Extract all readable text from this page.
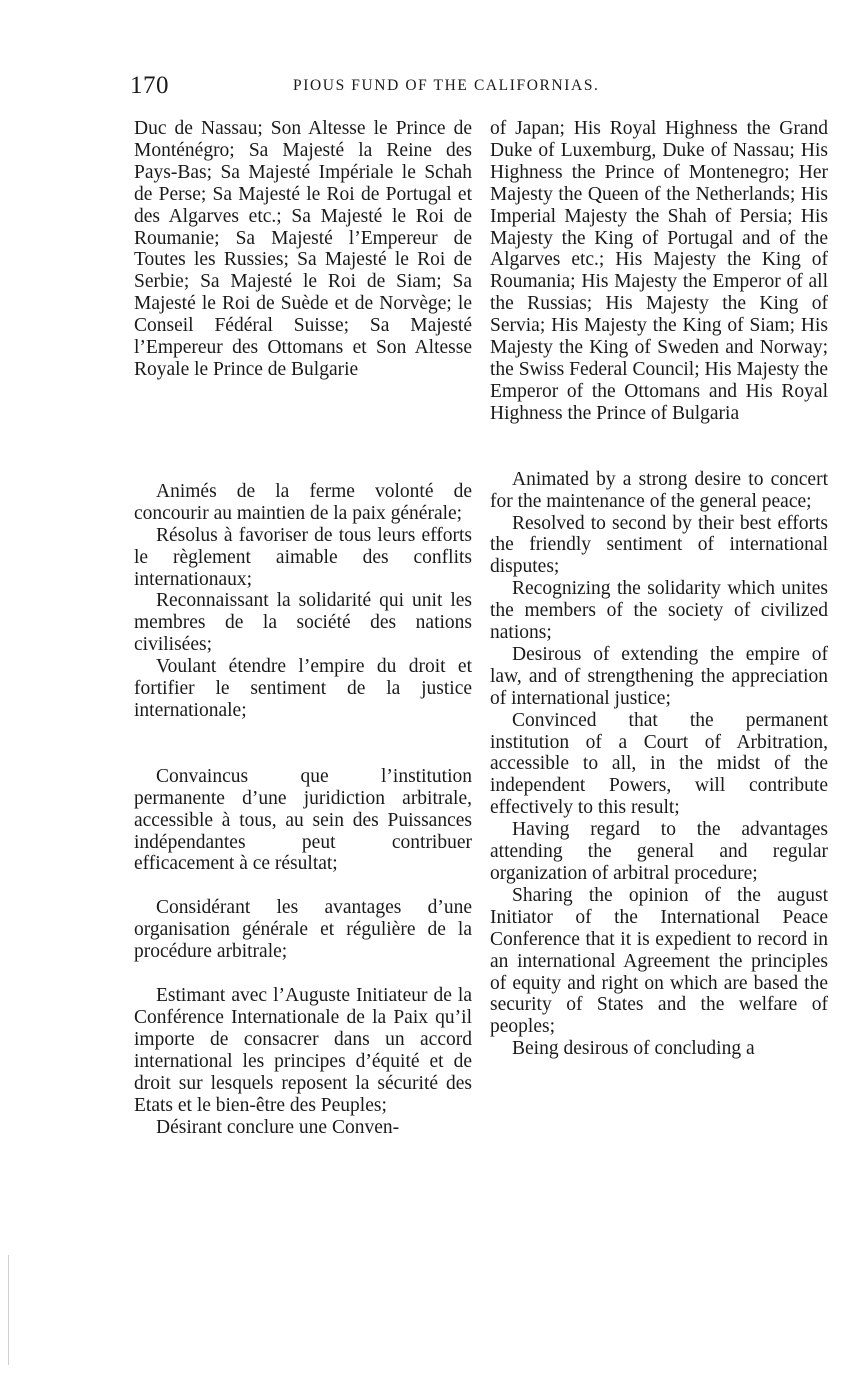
170	PIOUS FUND OF THE CALIFORNIAS.

Duc de Nassau; Son Altesse le Prince de Monténégro; Sa Majesté la Reine des Pays-Bas; Sa Majesté Impériale le Schah de Perse; Sa Majesté le Roi de Portugal et des Algarves etc.; Sa Majesté le Roi de Roumanie; Sa Majesté l’Empereur de Toutes les Russies; Sa Majesté le Roi de Serbie; Sa Majesté le Roi de Siam; Sa Majesté le Roi de Suède et de Norvège; le Conseil Fédéral Suisse; Sa Majesté l’Empereur des Ottomans et Son Altesse Royale le Prince de Bulgarie

Animés de la ferme volonté de concourir au maintien de la paix générale;

Résolus à favoriser de tous leurs efforts le règlement aimable des conflits internationaux;

Reconnaissant la solidarité qui unit les membres de la société des nations civilisées;

Voulant étendre l’empire du droit et fortifier le sentiment de la justice internationale;

Convaincus que l’institution permanente d’une juridiction arbitrale, accessible à tous, au sein des Puissances indépendantes peut contribuer efficacement à ce résultat;

Considérant les avantages d’une organisation générale et régulière de la procédure arbitrale;

Estimant avec l’Auguste Initiateur de la Conférence Internationale de la Paix qu’il importe de consacrer dans un accord international les principes d’équité et de droit sur lesquels reposent la sécurité des Etats et le bien-être des Peuples;

Désirant conclure une Conven-

of Japan; His Royal Highness the Grand Duke of Luxemburg, Duke of Nassau; His Highness the Prince of Montenegro; Her Majesty the Queen of the Netherlands; His Imperial Majesty the Shah of Persia; His Majesty the King of Portugal and of the Algarves etc.; His Majesty the King of Roumania; His Majesty the Emperor of all the Russias; His Majesty the King of Servia; His Majesty the King of Siam; His Majesty the King of Sweden and Norway; the Swiss Federal Council; His Majesty the Emperor of the Ottomans and His Royal Highness the Prince of Bulgaria

Animated by a strong desire to concert for the maintenance of the general peace;

Resolved to second by their best efforts the friendly sentiment of international disputes;

Recognizing the solidarity which unites the members of the society of civilized nations;

Desirous of extending the empire of law, and of strengthening the appreciation of international justice;

Convinced that the permanent institution of a Court of Arbitration, accessible to all, in the midst of the independent Powers, will contribute effectively to this result;

Having regard to the advantages attending the general and regular organization of arbitral procedure;

Sharing the opinion of the august Initiator of the International Peace Conference that it is expedient to record in an international Agreement the principles of equity and right on which are based the security of States and the welfare of peoples;

Being desirous of concluding a
